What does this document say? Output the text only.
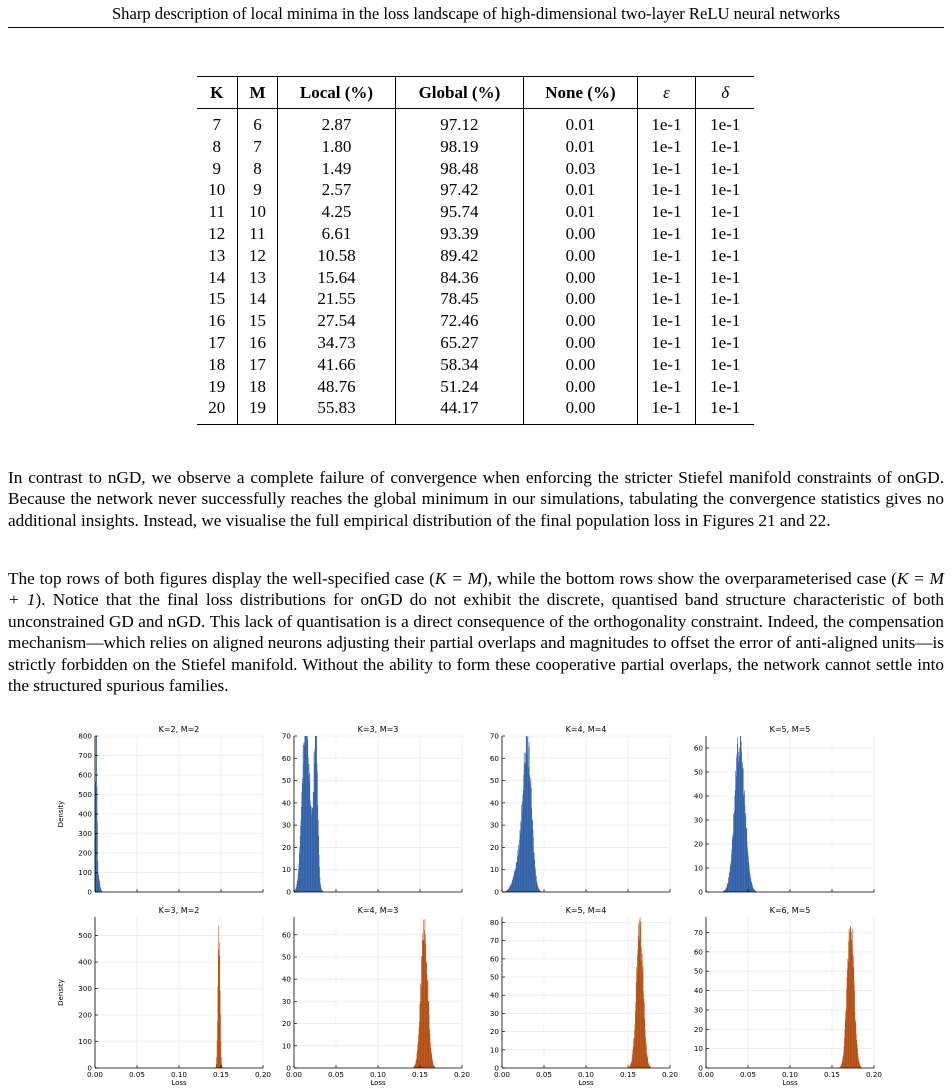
Sharp description of local minima in the loss landscape of high-dimensional two-layer ReLU neural networks
K	M	Local (%)	Global (%)	None (%)	ε	δ
7	6	2.87	97.12	0.01	1e-1	1e-1
8	7	1.80	98.19	0.01	1e-1	1e-1
9	8	1.49	98.48	0.03	1e-1	1e-1
10	9	2.57	97.42	0.01	1e-1	1e-1
11	10	4.25	95.74	0.01	1e-1	1e-1
12	11	6.61	93.39	0.00	1e-1	1e-1
13	12	10.58	89.42	0.00	1e-1	1e-1
14	13	15.64	84.36	0.00	1e-1	1e-1
15	14	21.55	78.45	0.00	1e-1	1e-1
16	15	27.54	72.46	0.00	1e-1	1e-1
17	16	34.73	65.27	0.00	1e-1	1e-1
18	17	41.66	58.34	0.00	1e-1	1e-1
19	18	48.76	51.24	0.00	1e-1	1e-1
20	19	55.83	44.17	0.00	1e-1	1e-1

In contrast to nGD, we observe a complete failure of convergence when enforcing the stricter Stiefel manifold constraints of onGD. Because the network never successfully reaches the global minimum in our simulations, tabulating the convergence statistics gives no additional insights. Instead, we visualise the full empirical distribution of the final population loss in Figures 21 and 22.

The top rows of both figures display the well-specified case (K = M), while the bottom rows show the overparameterised case (K = M + 1). Notice that the final loss distributions for onGD do not exhibit the discrete, quantised band structure characteristic of both unconstrained GD and nGD. This lack of quantisation is a direct consequence of the orthogonality constraint. Indeed, the compensation mechanism—which relies on aligned neurons adjusting their partial overlaps and magnitudes to offset the error of anti-aligned units—is strictly forbidden on the Stiefel manifold. Without the ability to form these cooperative partial overlaps, the network cannot settle into the structured spurious families.

0
100
200
300
400
500
600
700
800
K=2, M=2
Density
0
10
20
30
40
50
60
70
K=3, M=3
0
10
20
30
40
50
60
70
K=4, M=4
0
10
20
30
40
50
60
K=5, M=5
0
100
200
300
400
500
0.00	0.05	0.10	0.15	0.20
K=3, M=2
Loss
Density
0
10
20
30
40
50
60
0.00	0.05	0.10	0.15	0.20
K=4, M=3
Loss
0
10
20
30
40
50
60
70
80
0.00	0.05	0.10	0.15	0.20
K=5, M=4
Loss
0
10
20
30
40
50
60
70
0.00	0.05	0.10	0.15	0.20
K=6, M=5
Loss
